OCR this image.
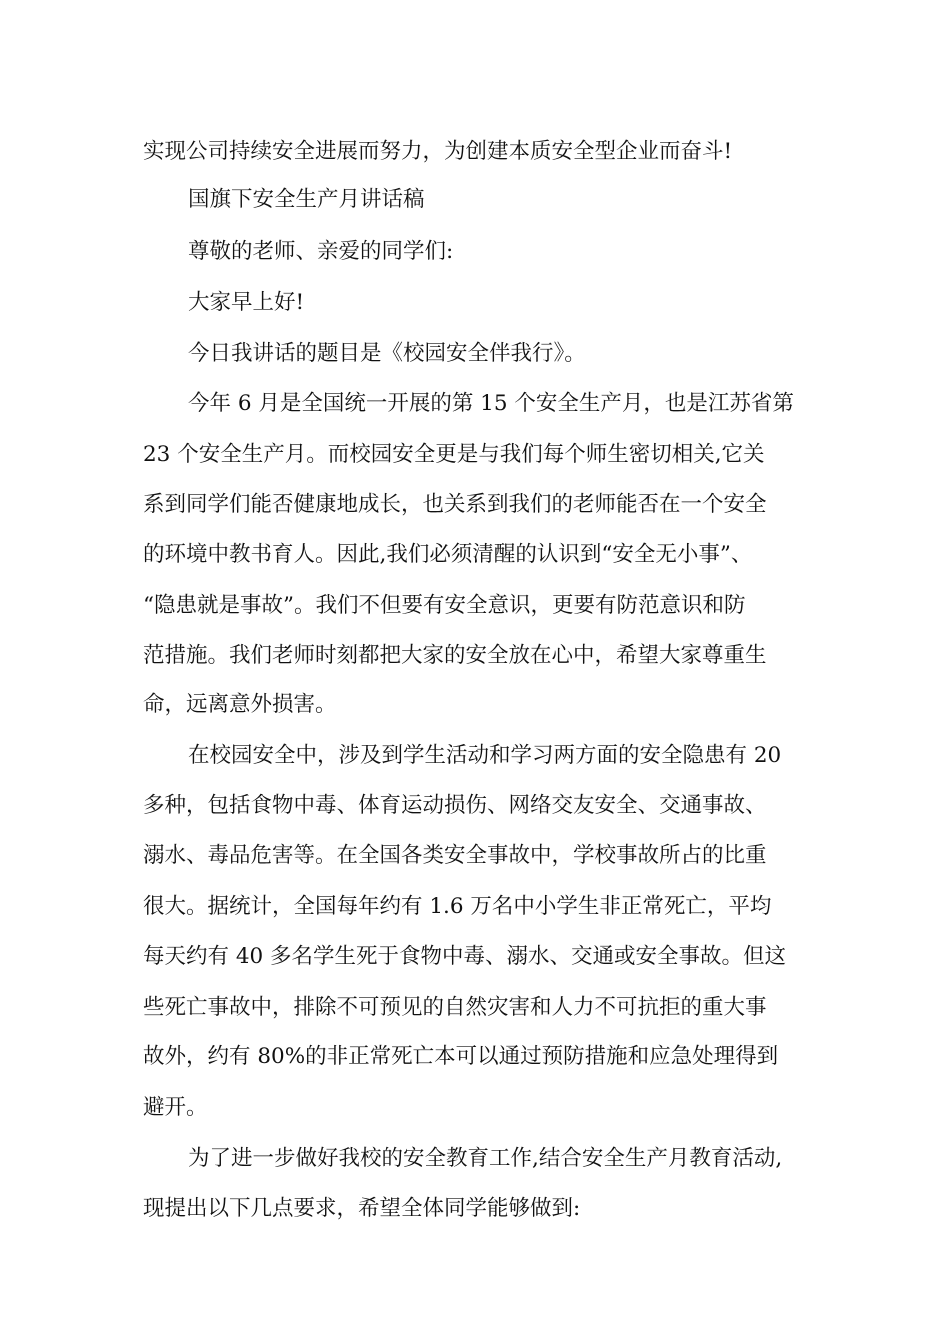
实现公司持续安全进展而努力，为创建本质安全型企业而奋斗!

国旗下安全生产月讲话稿

尊敬的老师、亲爱的同学们:

大家早上好!

今日我讲话的题目是《校园安全伴我行》。

今年 6 月是全国统一开展的第 15 个安全生产月，也是江苏省第

23 个安全生产月。而校园安全更是与我们每个师生密切相关,它关

系到同学们能否健康地成长，也关系到我们的老师能否在一个安全

的环境中教书育人。因此,我们必须清醒的认识到“安全无小事”、

“隐患就是事故”。我们不但要有安全意识，更要有防范意识和防

范措施。我们老师时刻都把大家的安全放在心中，希望大家尊重生

命，远离意外损害。

在校园安全中，涉及到学生活动和学习两方面的安全隐患有 20

多种，包括食物中毒、体育运动损伤、网络交友安全、交通事故、

溺水、毒品危害等。在全国各类安全事故中，学校事故所占的比重

很大。据统计，全国每年约有 1.6 万名中小学生非正常死亡，平均

每天约有 40 多名学生死于食物中毒、溺水、交通或安全事故。但这

些死亡事故中，排除不可预见的自然灾害和人力不可抗拒的重大事

故外，约有 80%的非正常死亡本可以通过预防措施和应急处理得到

避开。

为了进一步做好我校的安全教育工作,结合安全生产月教育活动,

现提出以下几点要求，希望全体同学能够做到:
